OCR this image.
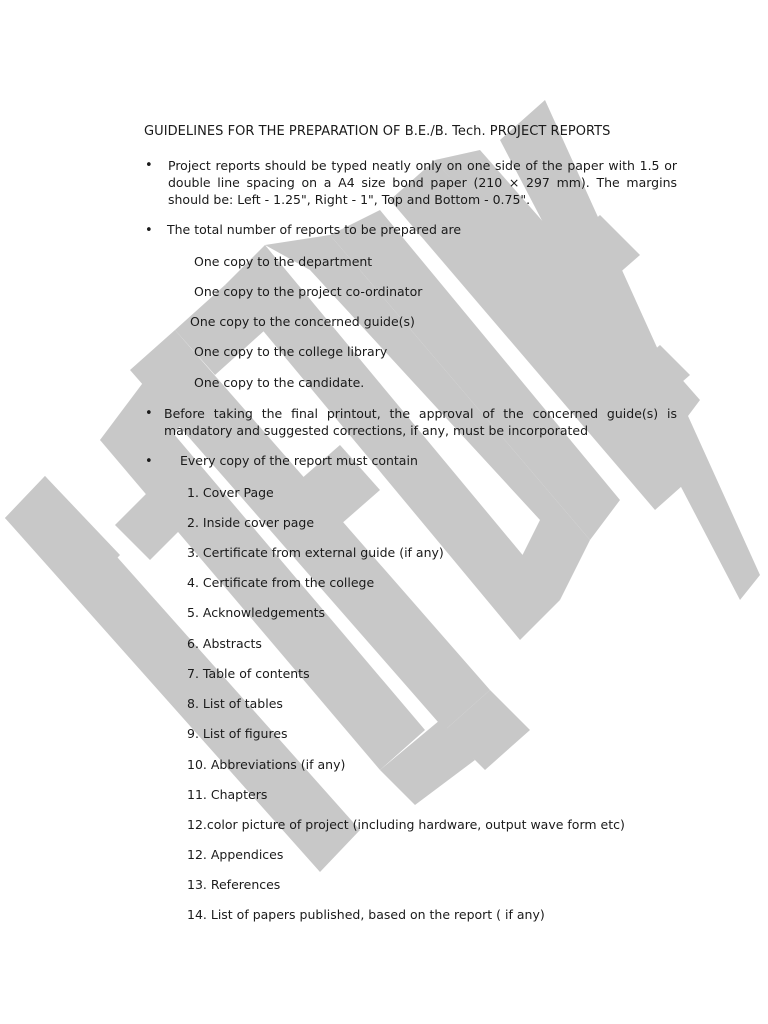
GUIDELINES FOR THE PREPARATION OF B.E./B. Tech. PROJECT REPORTS
• Project reports should be typed neatly only on one side of the paper with 1.5 or double line spacing on a A4 size bond paper (210 × 297 mm). The margins should be: Left - 1.25", Right - 1", Top and Bottom - 0.75".
• The total number of reports to be prepared are
One copy to the department
One copy to the project co-ordinator
One copy to the concerned guide(s)
One copy to the college library
One copy to the candidate.
• Before taking the final printout, the approval of the concerned guide(s) is mandatory and suggested corrections, if any, must be incorporated
• Every copy of the report must contain
1. Cover Page
2. Inside cover page
3. Certificate from external guide (if any)
4. Certificate from the college
5. Acknowledgements
6. Abstracts
7. Table of contents
8. List of tables
9. List of figures
10. Abbreviations (if any)
11. Chapters
12.color picture of project (including hardware, output wave form etc)
12. Appendices
13. References
14. List of papers published, based on the report ( if any)
